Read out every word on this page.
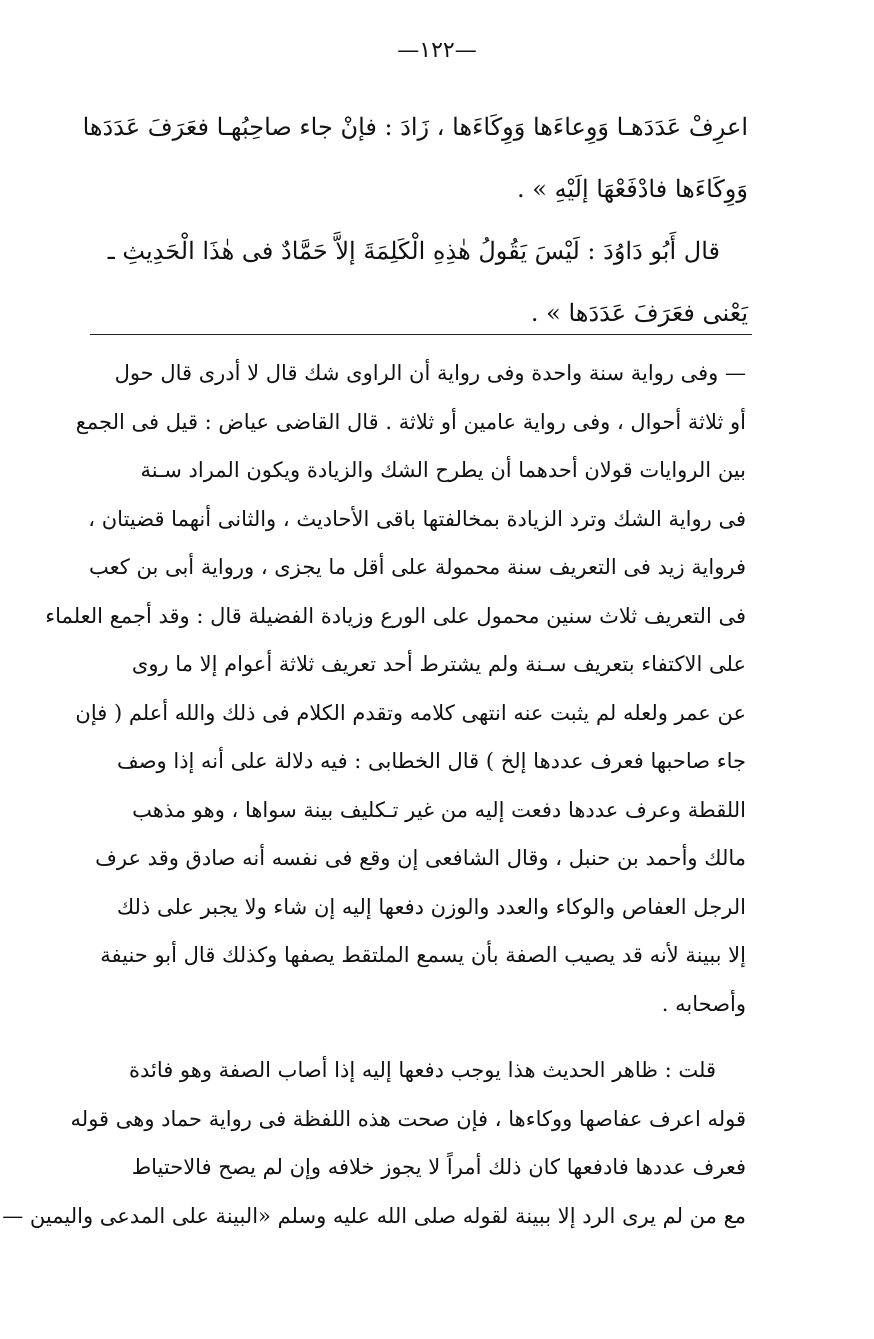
—١٢٢—
اعرِفْ عَدَدَهـا وَوِعاءَها وَوِكَاءَها ، زَادَ : فإنْ جاء صاحِبُهـا فعَرَفَ عَدَدَها
وَوِكَاءَها فادْفَعْهَا إلَيْهِ » .
قال أَبُو دَاوُدَ : لَيْسَ يَقُولُ هٰذِهِ الْكَلِمَةَ إلاَّ حَمَّادٌ فى هٰذَا الْحَدِيثِ ـ
يَعْنى فعَرَفَ عَدَدَها » .
— وفى رواية سنة واحدة وفى رواية أن الراوى شك قال لا أدرى قال حول
أو ثلاثة أحوال ، وفى رواية عامين أو ثلاثة . قال القاضى عياض : قيل فى الجمع
بين الروايات قولان أحدهما أن يطرح الشك والزيادة ويكون المراد سـنة
فى رواية الشك وترد الزيادة بمخالفتها باقى الأحاديث ، والثانى أنهما قضيتان ،
فرواية زيد فى التعريف سنة محمولة على أقل ما يجزى ، ورواية أبى بن كعب
فى التعريف ثلاث سنين محمول على الورع وزيادة الفضيلة قال : وقد أجمع العلماء
على الاكتفاء بتعريف سـنة ولم يشترط أحد تعريف ثلاثة أعوام إلا ما روى
عن عمر ولعله لم يثبت عنه انتهى كلامه وتقدم الكلام فى ذلك والله أعلم ( فإن
جاء صاحبها فعرف عددها إلخ ) قال الخطابى : فيه دلالة على أنه إذا وصف
اللقطة وعرف عددها دفعت إليه من غير تـكليف بينة سواها ، وهو مذهب
مالك وأحمد بن حنبل ، وقال الشافعى إن وقع فى نفسه أنه صادق وقد عرف
الرجل العفاص والوكاء والعدد والوزن دفعها إليه إن شاء ولا يجبر على ذلك
إلا ببينة لأنه قد يصيب الصفة بأن يسمع الملتقط يصفها وكذلك قال أبو حنيفة
وأصحابه .
قلت : ظاهر الحديث هذا يوجب دفعها إليه إذا أصاب الصفة وهو فائدة
قوله اعرف عفاصها ووكاءها ، فإن صحت هذه اللفظة فى رواية حماد وهى قوله
فعرف عددها فادفعها كان ذلك أمراً لا يجوز خلافه وإن لم يصح فالاحتياط
مع من لم يرى الرد إلا ببينة لقوله صلى الله عليه وسلم «البينة على المدعى واليمين —
